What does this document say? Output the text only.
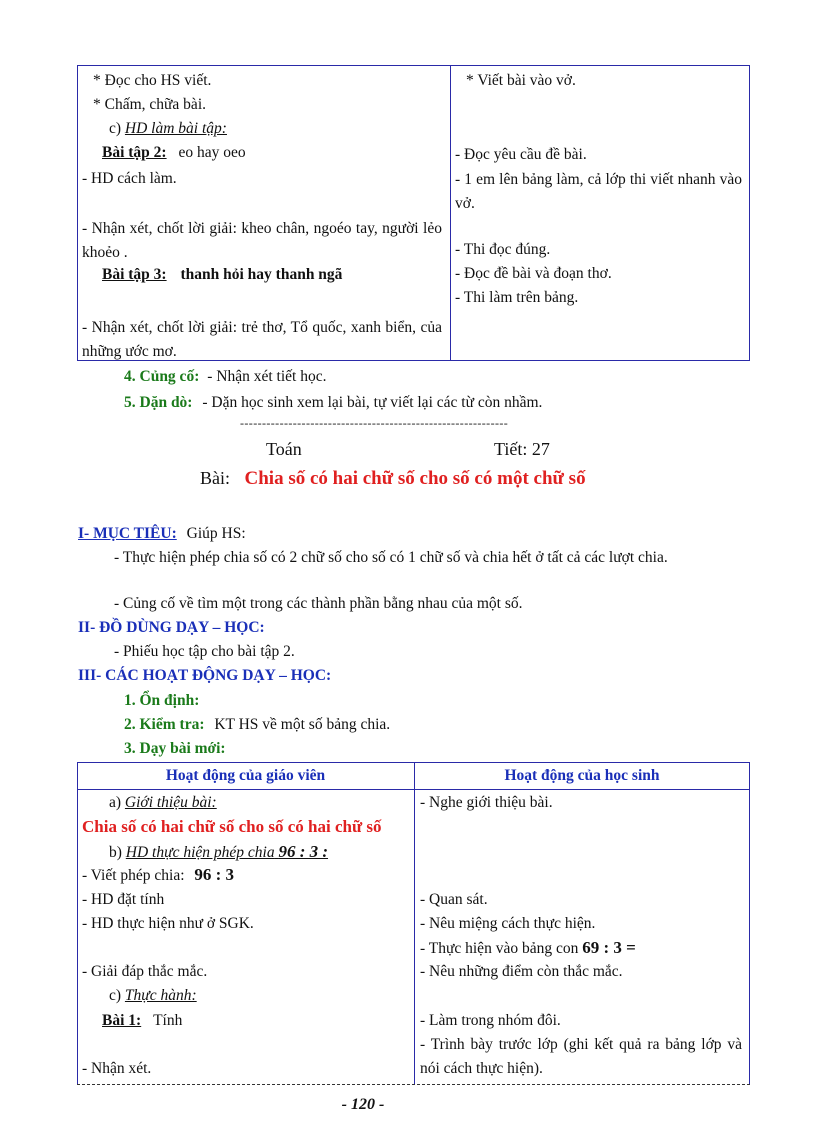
* Đọc cho HS viết.
* Chấm, chữa bài.
c) HD làm bài tập:
Bài tập 2: eo hay oeo
- HD cách làm.
- Nhận xét, chốt lời giải: kheo chân, ngoéo tay, người lẻo khoẻo .
Bài tập 3: thanh hỏi hay thanh ngã
- Nhận xét, chốt lời giải: trẻ thơ, Tổ quốc, xanh biển, của những ước mơ.
* Viết bài vào vở.
- Đọc yêu cầu đề bài.
- 1 em lên bảng làm, cả lớp thi viết nhanh vào vở.
- Thi đọc đúng.
- Đọc đề bài và đoạn thơ.
- Thi làm trên bảng.
4. Củng cố: - Nhận xét tiết học.
5. Dặn dò: - Dặn học sinh xem lại bài, tự viết lại các từ còn nhầm.
-------------------------------------------------------------
Toán	Tiết: 27
Bài: Chia số có hai chữ số cho số có một chữ số
I- MỤC TIÊU: Giúp HS:
- Thực hiện phép chia số có 2 chữ số cho số có 1 chữ số và chia hết ở tất cả các lượt chia.
- Củng cố về tìm một trong các thành phần bằng nhau của một số.
II- ĐỒ DÙNG DẠY – HỌC:
- Phiếu học tập cho bài tập 2.
III- CÁC HOẠT ĐỘNG DẠY – HỌC:
1. Ổn định:
2. Kiểm tra: KT HS về một số bảng chia.
3. Dạy bài mới:
Hoạt động của giáo viên	Hoạt động của học sinh
a) Giới thiệu bài:
Chia số có hai chữ số cho số có hai chữ số
b) HD thực hiện phép chia 96 : 3 :
- Viết phép chia: 96 : 3
- HD đặt tính
- HD thực hiện như ở SGK.
- Giải đáp thắc mắc.
c) Thực hành:
Bài 1: Tính
- Nhận xét.
- Nghe giới thiệu bài.
- Quan sát.
- Nêu miệng cách thực hiện.
- Thực hiện vào bảng con 69 : 3 =
- Nêu những điểm còn thắc mắc.
- Làm trong nhóm đôi.
- Trình bày trước lớp (ghi kết quả ra bảng lớp và nói cách thực hiện).
- 120 -
